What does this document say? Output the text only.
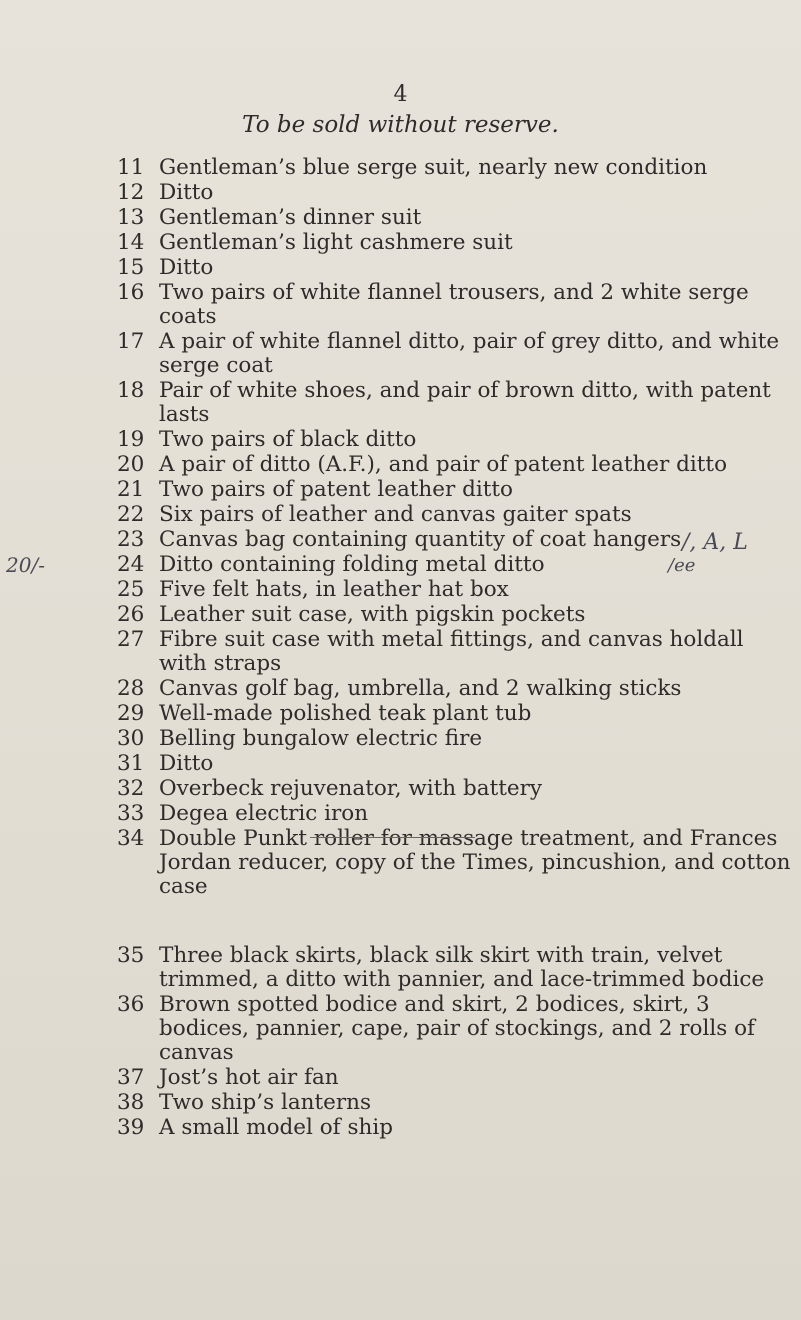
4
To be sold without reserve.
20/-
/, A, L
/ee
11 Gentleman’s blue serge suit, nearly new condition
12 Ditto
13 Gentleman’s dinner suit
14 Gentleman’s light cashmere suit
15 Ditto
16 Two pairs of white flannel trousers, and 2 white serge coats
17 A pair of white flannel ditto, pair of grey ditto, and white serge coat
18 Pair of white shoes, and pair of brown ditto, with patent lasts
19 Two pairs of black ditto
20 A pair of ditto (A.F.), and pair of patent leather ditto
21 Two pairs of patent leather ditto
22 Six pairs of leather and canvas gaiter spats
23 Canvas bag containing quantity of coat hangers
24 Ditto containing folding metal ditto
25 Five felt hats, in leather hat box
26 Leather suit case, with pigskin pockets
27 Fibre suit case with metal fittings, and canvas holdall with straps
28 Canvas golf bag, umbrella, and 2 walking sticks
29 Well-made polished teak plant tub
30 Belling bungalow electric fire
31 Ditto
32 Overbeck rejuvenator, with battery
33 Degea electric iron
34 Double Punkt roller for massage treatment, and Frances Jordan reducer, copy of the Times, pincushion, and cotton case
35 Three black skirts, black silk skirt with train, velvet trimmed, a ditto with pannier, and lace-trimmed bodice
36 Brown spotted bodice and skirt, 2 bodices, skirt, 3 bodices, pannier, cape, pair of stockings, and 2 rolls of canvas
37 Jost’s hot air fan
38 Two ship’s lanterns
39 A small model of ship
